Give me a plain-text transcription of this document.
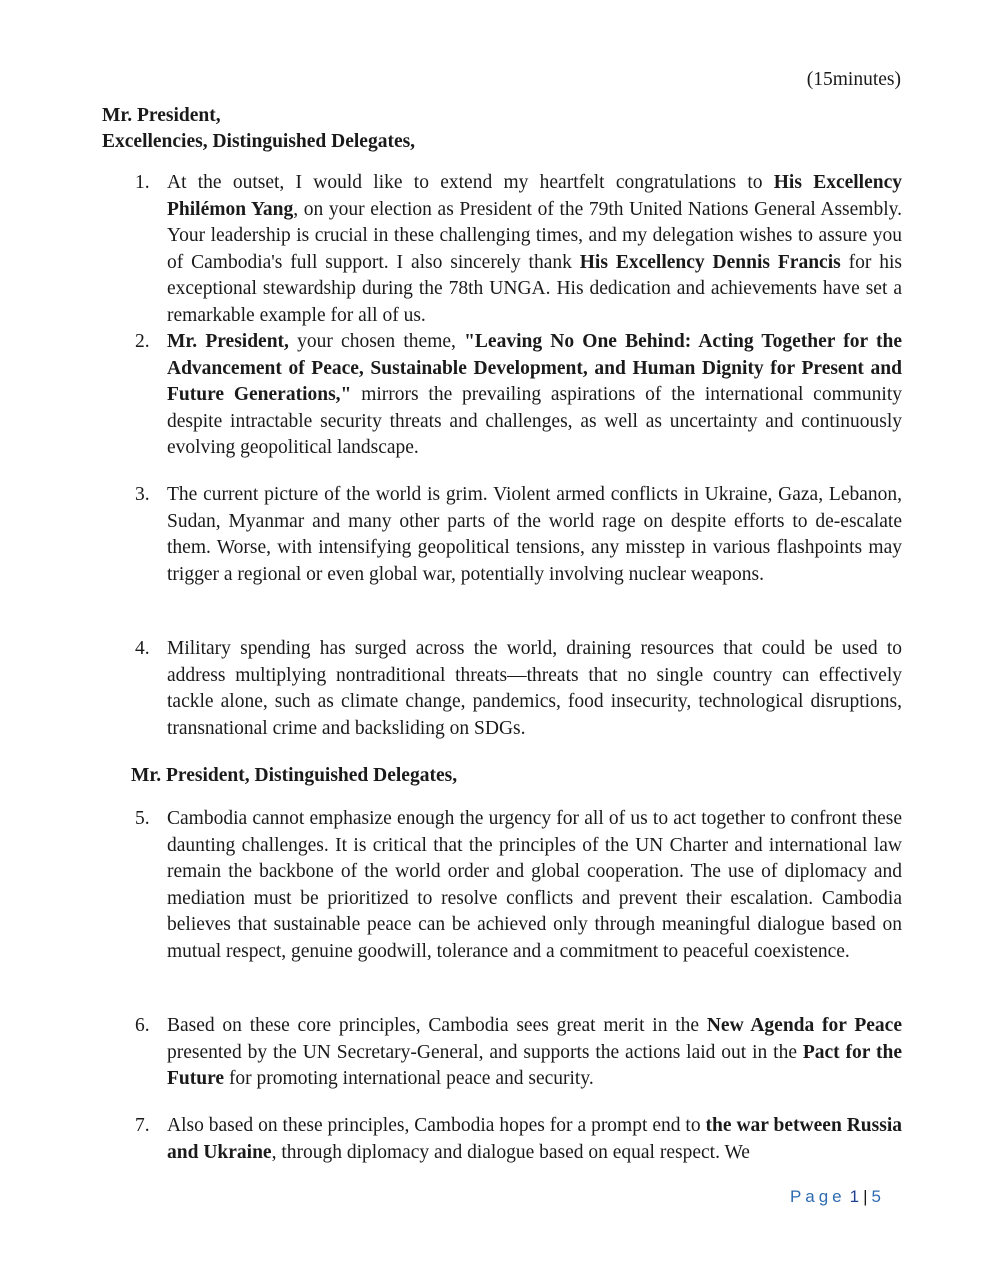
(15minutes)
Mr. President,
Excellencies, Distinguished Delegates,

1. At the outset, I would like to extend my heartfelt congratulations to His Excellency Philémon Yang, on your election as President of the 79th United Nations General Assembly. Your leadership is crucial in these challenging times, and my delegation wishes to assure you of Cambodia's full support. I also sincerely thank His Excellency Dennis Francis for his exceptional stewardship during the 78th UNGA. His dedication and achievements have set a remarkable example for all of us.

2. Mr. President, your chosen theme, "Leaving No One Behind: Acting Together for the Advancement of Peace, Sustainable Development, and Human Dignity for Present and Future Generations," mirrors the prevailing aspirations of the international community despite intractable security threats and challenges, as well as uncertainty and continuously evolving geopolitical landscape.

3. The current picture of the world is grim. Violent armed conflicts in Ukraine, Gaza, Lebanon, Sudan, Myanmar and many other parts of the world rage on despite efforts to de-escalate them. Worse, with intensifying geopolitical tensions, any misstep in various flashpoints may trigger a regional or even global war, potentially involving nuclear weapons.

4. Military spending has surged across the world, draining resources that could be used to address multiplying nontraditional threats—threats that no single country can effectively tackle alone, such as climate change, pandemics, food insecurity, technological disruptions, transnational crime and backsliding on SDGs.

Mr. President, Distinguished Delegates,

5. Cambodia cannot emphasize enough the urgency for all of us to act together to confront these daunting challenges. It is critical that the principles of the UN Charter and international law remain the backbone of the world order and global cooperation. The use of diplomacy and mediation must be prioritized to resolve conflicts and prevent their escalation. Cambodia believes that sustainable peace can be achieved only through meaningful dialogue based on mutual respect, genuine goodwill, tolerance and a commitment to peaceful coexistence.

6. Based on these core principles, Cambodia sees great merit in the New Agenda for Peace presented by the UN Secretary-General, and supports the actions laid out in the Pact for the Future for promoting international peace and security.

7. Also based on these principles, Cambodia hopes for a prompt end to the war between Russia and Ukraine, through diplomacy and dialogue based on equal respect. We

Page 1 | 5
